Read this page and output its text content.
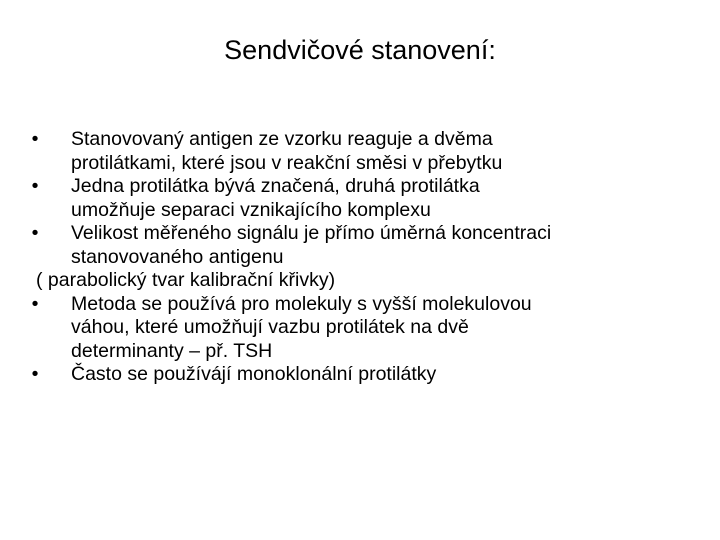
Sendvičové stanovení:
• Stanovovaný antigen ze vzorku reaguje a dvěma
protilátkami, které jsou v reakční směsi v přebytku
• Jedna protilátka bývá značená, druhá protilátka
umožňuje separaci vznikajícího komplexu
• Velikost měřeného signálu je přímo úměrná koncentraci
stanovovaného antigenu
( parabolický tvar kalibrační křivky)
• Metoda se používá pro molekuly s vyšší molekulovou
váhou, které umožňují vazbu protilátek na dvě
determinanty – př. TSH
• Často se používájí monoklonální protilátky
